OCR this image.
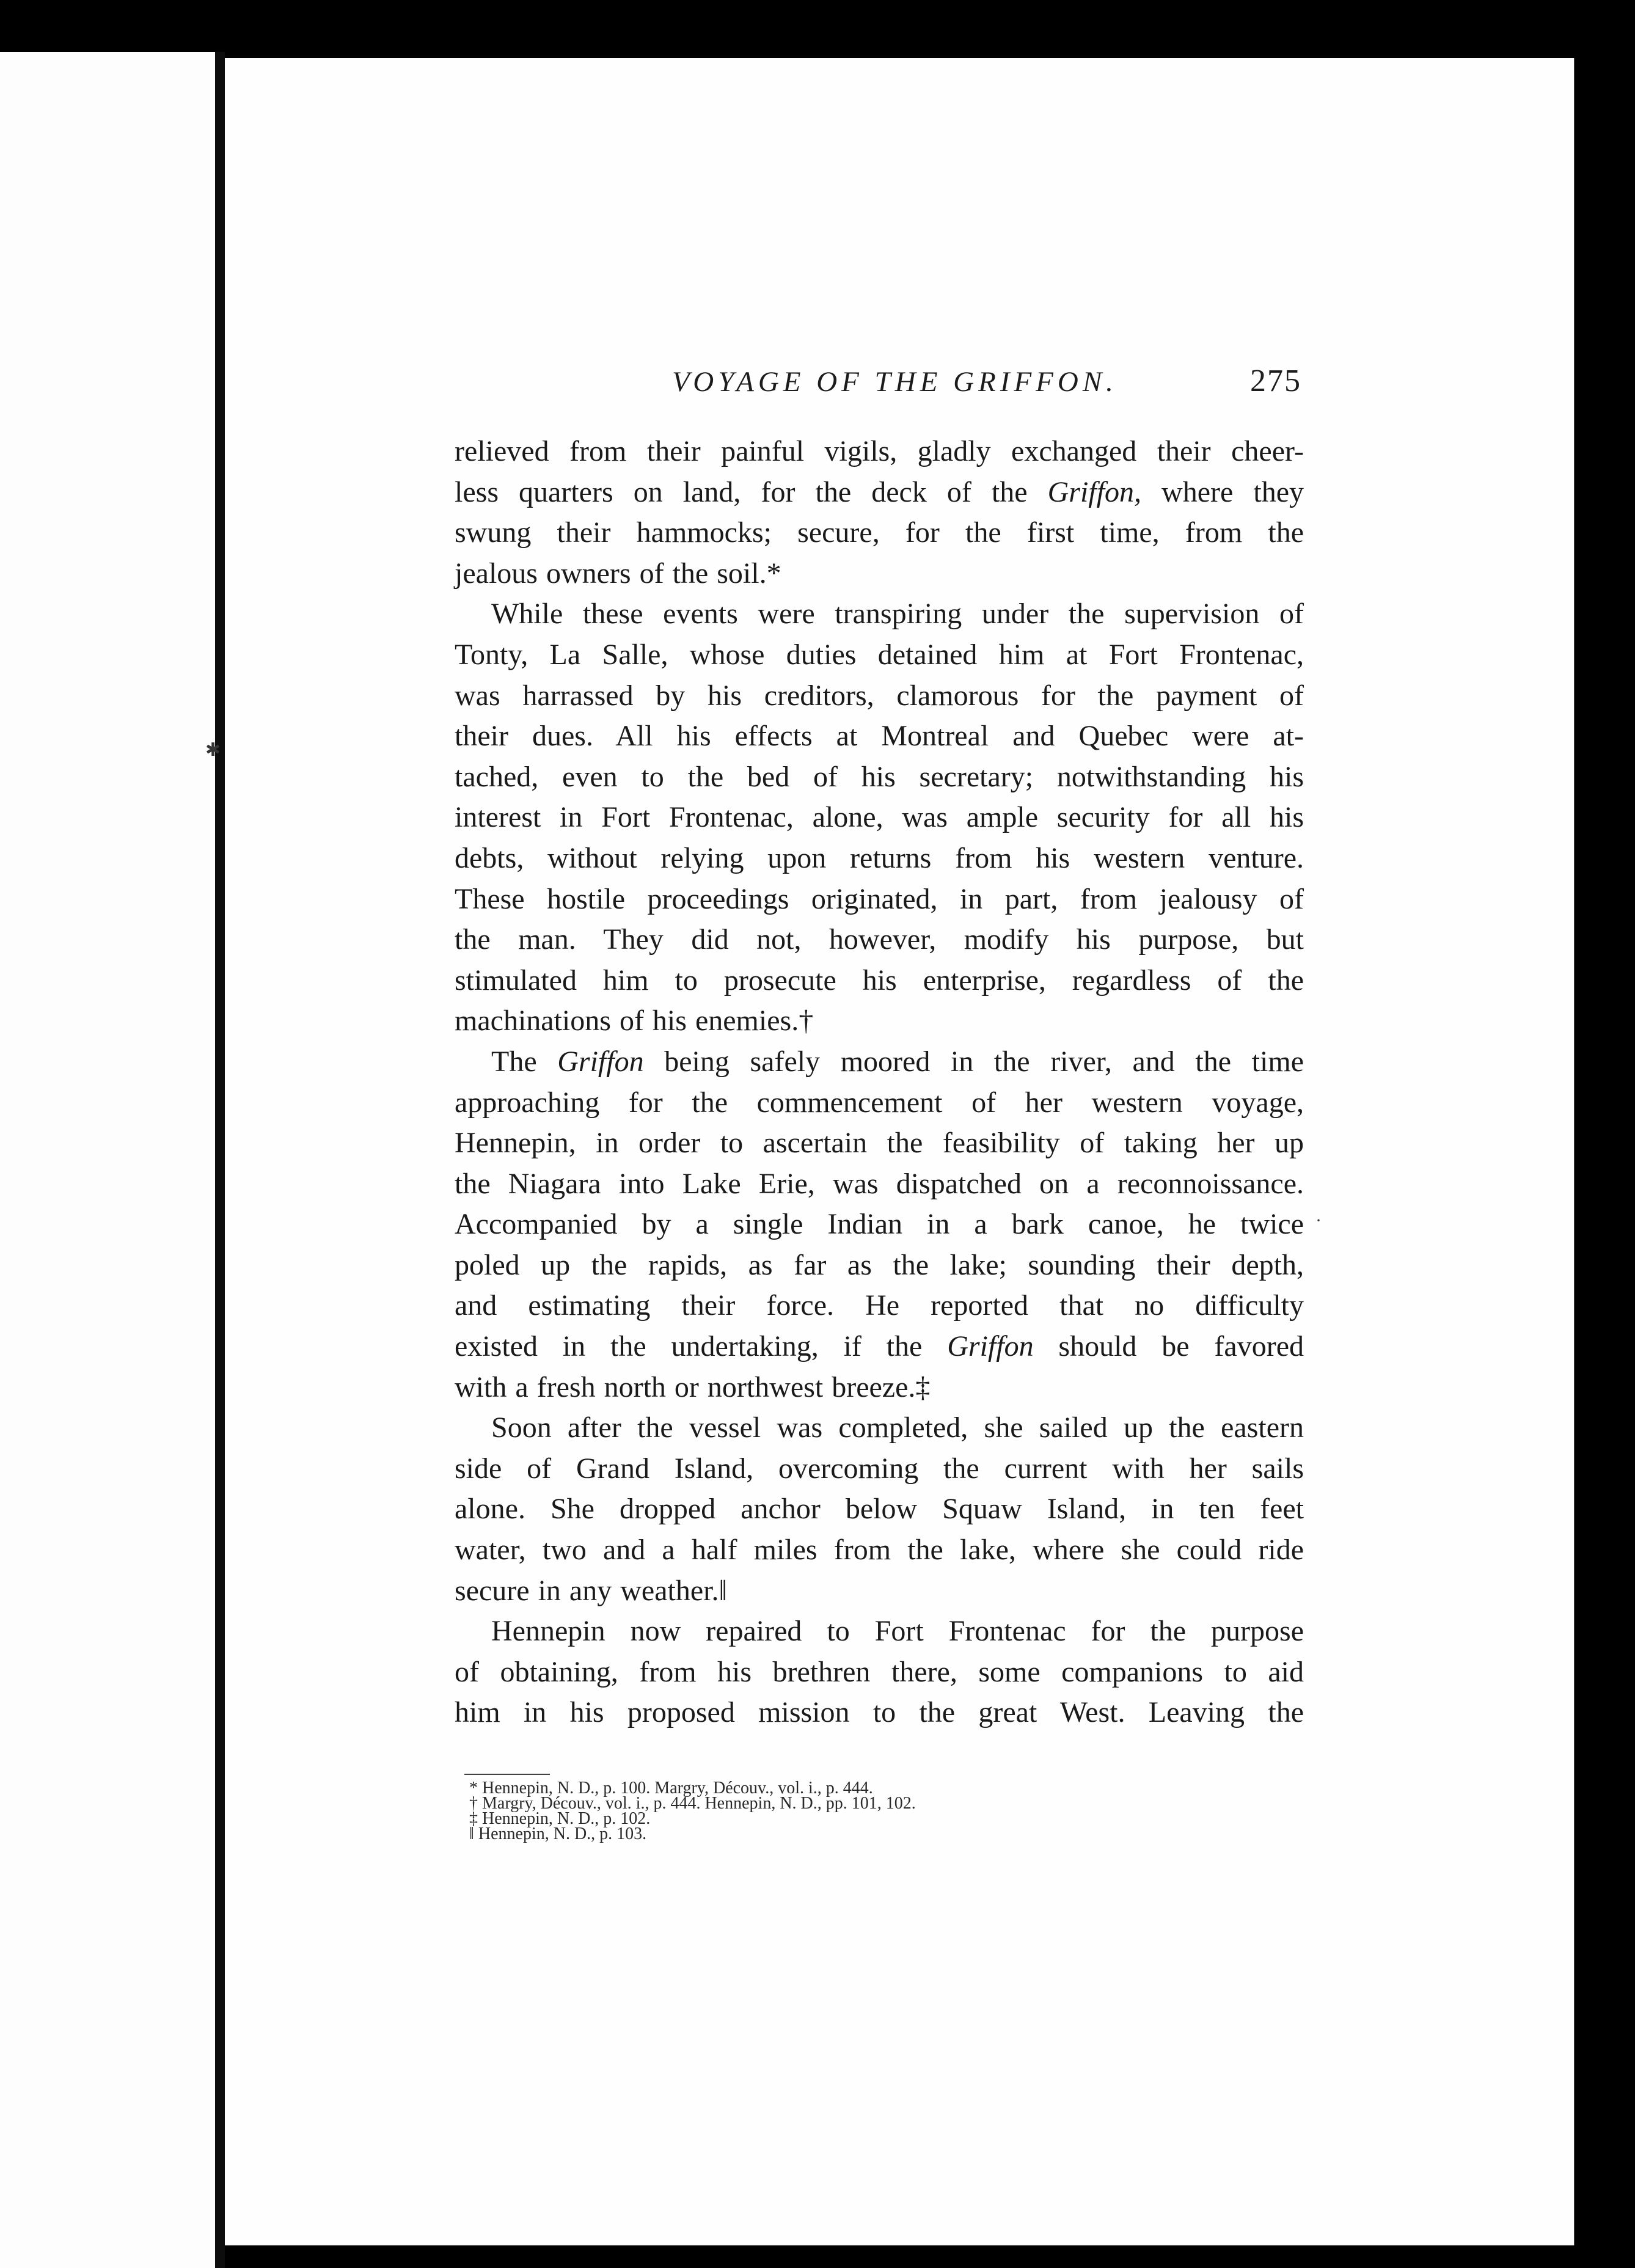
·
✱
VOYAGE OF THE GRIFFON.	275
relieved from their painful vigils, gladly exchanged their cheer-
less quarters on land, for the deck of the Griffon, where they
swung their hammocks; secure, for the first time, from the
jealous owners of the soil.*
While these events were transpiring under the supervision of
Tonty, La Salle, whose duties detained him at Fort Frontenac,
was harrassed by his creditors, clamorous for the payment of
their dues. All his effects at Montreal and Quebec were at-
tached, even to the bed of his secretary; notwithstanding his
interest in Fort Frontenac, alone, was ample security for all his
debts, without relying upon returns from his western venture.
These hostile proceedings originated, in part, from jealousy of
the man. They did not, however, modify his purpose, but
stimulated him to prosecute his enterprise, regardless of the
machinations of his enemies.†
The Griffon being safely moored in the river, and the time
approaching for the commencement of her western voyage,
Hennepin, in order to ascertain the feasibility of taking her up
the Niagara into Lake Erie, was dispatched on a reconnoissance.
Accompanied by a single Indian in a bark canoe, he twice
poled up the rapids, as far as the lake; sounding their depth,
and estimating their force. He reported that no difficulty
existed in the undertaking, if the Griffon should be favored
with a fresh north or northwest breeze.‡
Soon after the vessel was completed, she sailed up the eastern
side of Grand Island, overcoming the current with her sails
alone. She dropped anchor below Squaw Island, in ten feet
water, two and a half miles from the lake, where she could ride
secure in any weather.‖
Hennepin now repaired to Fort Frontenac for the purpose
of obtaining, from his brethren there, some companions to aid
him in his proposed mission to the great West. Leaving the
* Hennepin, N. D., p. 100. Margry, Découv., vol. i., p. 444.
† Margry, Découv., vol. i., p. 444. Hennepin, N. D., pp. 101, 102.
‡ Hennepin, N. D., p. 102.
‖ Hennepin, N. D., p. 103.
